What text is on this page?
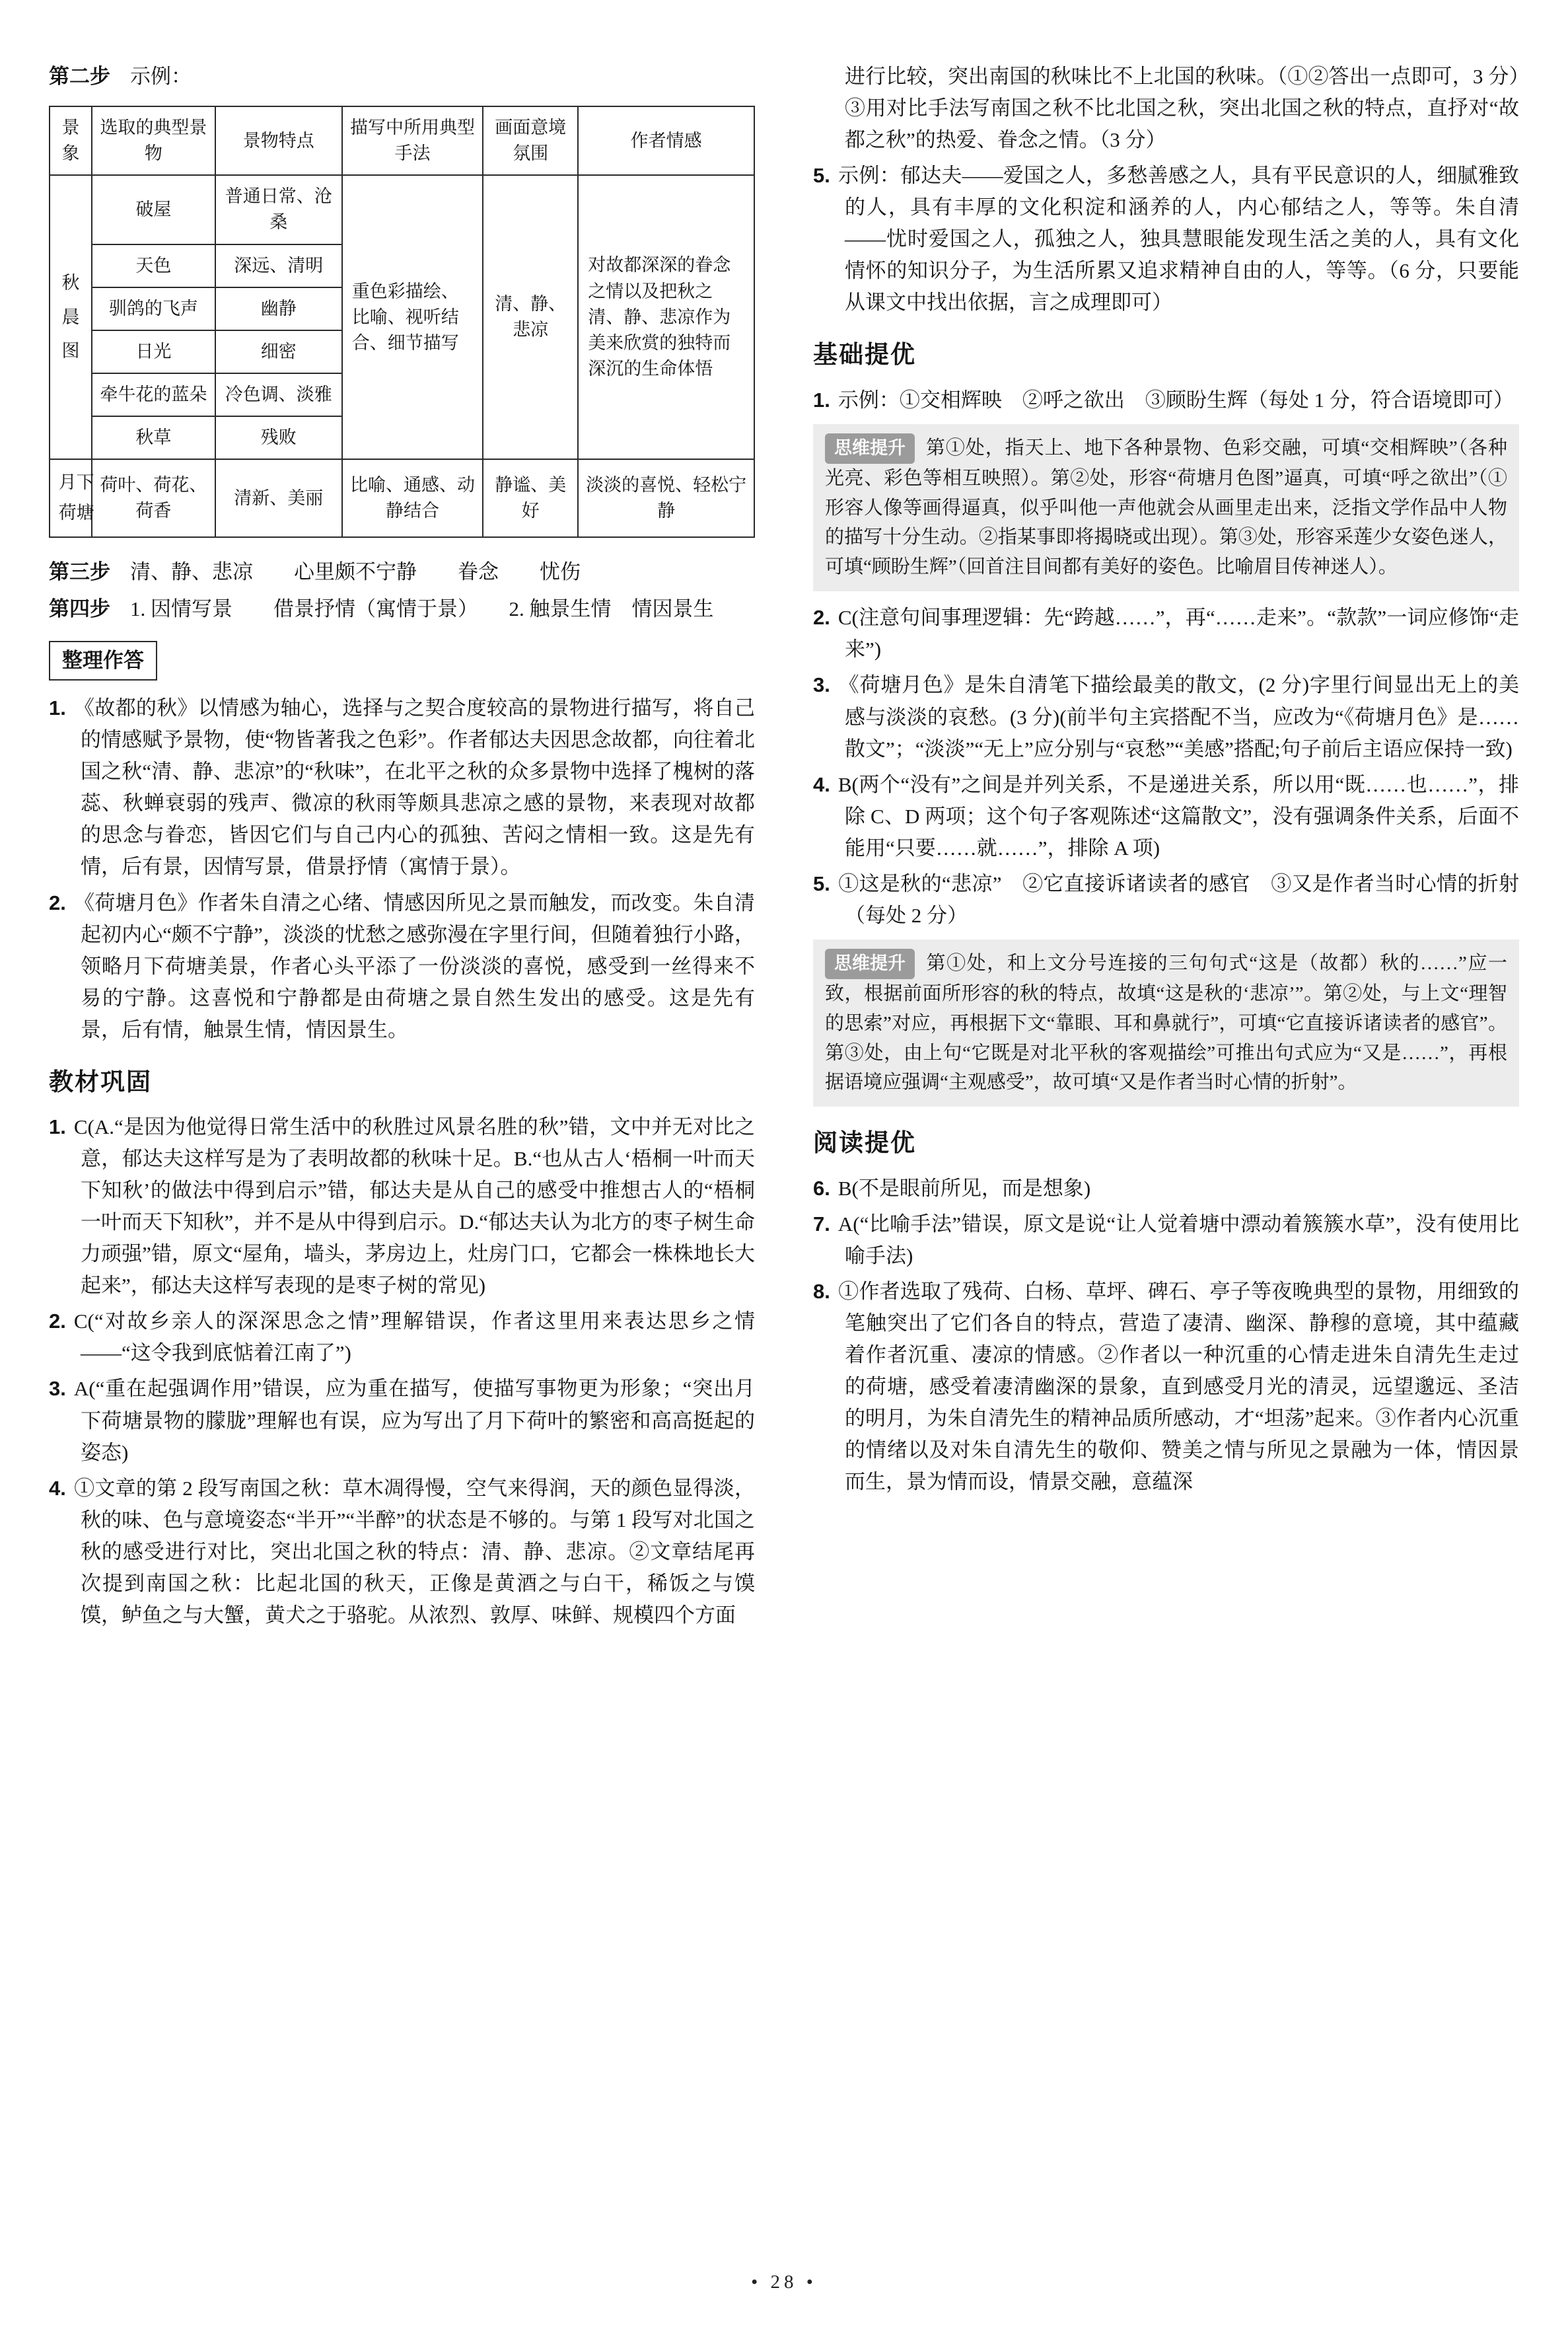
第二步 示例：
景象	选取的典型景物	景物特点	描写中所用典型手法	画面意境氛围	作者情感
秋晨图	破屋	普通日常、沧桑	重色彩描绘、比喻、视听结合、细节描写	清、静、悲凉	对故都深深的眷念之情以及把秋之清、静、悲凉作为美来欣赏的独特而深沉的生命体悟
	天色	深远、清明			
	驯鸽的飞声	幽静			
	日光	细密			
	牵牛花的蓝朵	冷色调、淡雅			
	秋草	残败			
月下荷塘	荷叶、荷花、荷香	清新、美丽	比喻、通感、动静结合	静谧、美好	淡淡的喜悦、轻松宁静
第三步 清、静、悲凉　　心里颇不宁静　　眷念　　忧伤
第四步 1. 因情写景　　借景抒情（寓情于景）　　2. 触景生情　情因景生
整理作答
1. 《故都的秋》以情感为轴心，选择与之契合度较高的景物进行描写，将自己的情感赋予景物，使“物皆著我之色彩”。作者郁达夫因思念故都，向往着北国之秋“清、静、悲凉”的“秋味”，在北平之秋的众多景物中选择了槐树的落蕊、秋蝉衰弱的残声、微凉的秋雨等颇具悲凉之感的景物，来表现对故都的思念与眷恋，皆因它们与自己内心的孤独、苦闷之情相一致。这是先有情，后有景，因情写景，借景抒情（寓情于景）。
2. 《荷塘月色》作者朱自清之心绪、情感因所见之景而触发，而改变。朱自清起初内心“颇不宁静”，淡淡的忧愁之感弥漫在字里行间，但随着独行小路，领略月下荷塘美景，作者心头平添了一份淡淡的喜悦，感受到一丝得来不易的宁静。这喜悦和宁静都是由荷塘之景自然生发出的感受。这是先有景，后有情，触景生情，情因景生。
教材巩固
1. C(A.“是因为他觉得日常生活中的秋胜过风景名胜的秋”错，文中并无对比之意，郁达夫这样写是为了表明故都的秋味十足。B.“也从古人‘梧桐一叶而天下知秋’的做法中得到启示”错，郁达夫是从自己的感受中推想古人的“梧桐一叶而天下知秋”，并不是从中得到启示。D.“郁达夫认为北方的枣子树生命力顽强”错，原文“屋角，墙头，茅房边上，灶房门口，它都会一株株地长大起来”，郁达夫这样写表现的是枣子树的常见)
2. C(“对故乡亲人的深深思念之情”理解错误，作者这里用来表达思乡之情——“这令我到底惦着江南了”)
3. A(“重在起强调作用”错误，应为重在描写，使描写事物更为形象；“突出月下荷塘景物的朦胧”理解也有误，应为写出了月下荷叶的繁密和高高挺起的姿态)
4. ①文章的第 2 段写南国之秋：草木凋得慢，空气来得润，天的颜色显得淡，秋的味、色与意境姿态“半开”“半醉”的状态是不够的。与第 1 段写对北国之秋的感受进行对比，突出北国之秋的特点：清、静、悲凉。②文章结尾再次提到南国之秋：比起北国的秋天，正像是黄酒之与白干，稀饭之与馍馍，鲈鱼之与大蟹，黄犬之于骆驼。从浓烈、敦厚、味鲜、规模四个方面
进行比较，突出南国的秋味比不上北国的秋味。（①②答出一点即可，3 分）③用对比手法写南国之秋不比北国之秋，突出北国之秋的特点，直抒对“故都之秋”的热爱、眷念之情。（3 分）
5. 示例：郁达夫——爱国之人，多愁善感之人，具有平民意识的人，细腻雅致的人，具有丰厚的文化积淀和涵养的人，内心郁结之人，等等。朱自清——忧时爱国之人，孤独之人，独具慧眼能发现生活之美的人，具有文化情怀的知识分子，为生活所累又追求精神自由的人，等等。（6 分，只要能从课文中找出依据，言之成理即可）
基础提优
1. 示例：①交相辉映　②呼之欲出　③顾盼生辉（每处 1 分，符合语境即可）
思维提升 第①处，指天上、地下各种景物、色彩交融，可填“交相辉映”（各种光亮、彩色等相互映照）。第②处，形容“荷塘月色图”逼真，可填“呼之欲出”（①形容人像等画得逼真，似乎叫他一声他就会从画里走出来，泛指文学作品中人物的描写十分生动。②指某事即将揭晓或出现）。第③处，形容采莲少女姿色迷人，可填“顾盼生辉”（回首注目间都有美好的姿色。比喻眉目传神迷人）。
2. C(注意句间事理逻辑：先“跨越……”，再“……走来”。“款款”一词应修饰“走来”)
3. 《荷塘月色》是朱自清笔下描绘最美的散文，(2 分)字里行间显出无上的美感与淡淡的哀愁。(3 分)(前半句主宾搭配不当，应改为“《荷塘月色》是……散文”；“淡淡”“无上”应分别与“哀愁”“美感”搭配;句子前后主语应保持一致)
4. B(两个“没有”之间是并列关系，不是递进关系，所以用“既……也……”，排除 C、D 两项；这个句子客观陈述“这篇散文”，没有强调条件关系，后面不能用“只要……就……”，排除 A 项)
5. ①这是秋的“悲凉”　②它直接诉诸读者的感官　③又是作者当时心情的折射（每处 2 分）
思维提升 第①处，和上文分号连接的三句句式“这是（故都）秋的……”应一致，根据前面所形容的秋的特点，故填“这是秋的‘悲凉’”。第②处，与上文“理智的思索”对应，再根据下文“靠眼、耳和鼻就行”，可填“它直接诉诸读者的感官”。第③处，由上句“它既是对北平秋的客观描绘”可推出句式应为“又是……”，再根据语境应强调“主观感受”，故可填“又是作者当时心情的折射”。
阅读提优
6. B(不是眼前所见，而是想象)
7. A(“比喻手法”错误，原文是说“让人觉着塘中漂动着簇簇水草”，没有使用比喻手法)
8. ①作者选取了残荷、白杨、草坪、碑石、亭子等夜晚典型的景物，用细致的笔触突出了它们各自的特点，营造了凄清、幽深、静穆的意境，其中蕴藏着作者沉重、凄凉的情感。②作者以一种沉重的心情走进朱自清先生走过的荷塘，感受着凄清幽深的景象，直到感受月光的清灵，远望邈远、圣洁的明月，为朱自清先生的精神品质所感动，才“坦荡”起来。③作者内心沉重的情绪以及对朱自清先生的敬仰、赞美之情与所见之景融为一体，情因景而生，景为情而设，情景交融，意蕴深
• 28 •
